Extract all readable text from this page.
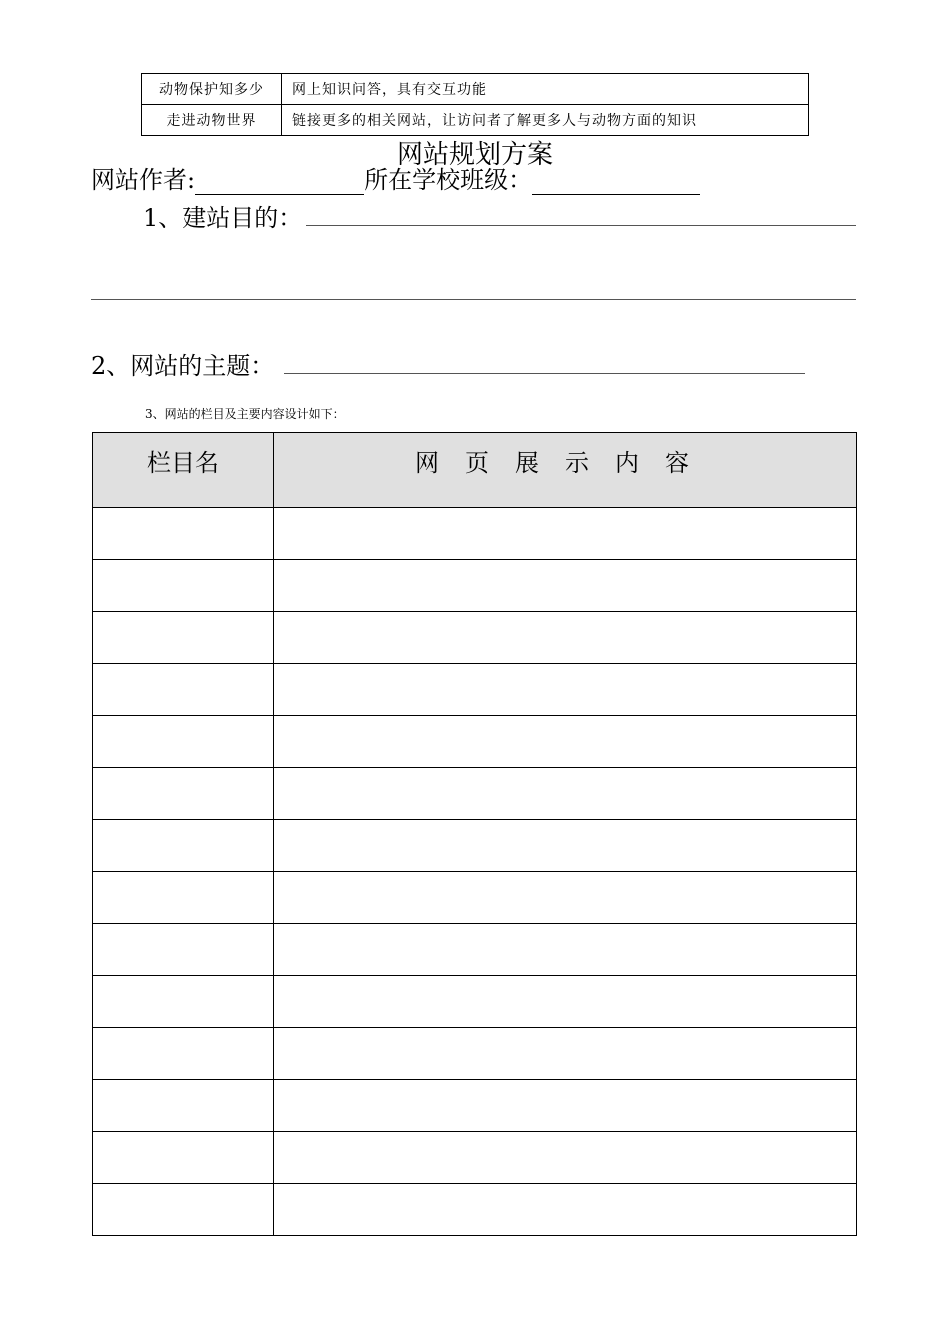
动物保护知多少	网上知识问答，具有交互功能
走进动物世界	链接更多的相关网站，让访问者了解更多人与动物方面的知识
网站规划方案
网站作者:	所在学校班级：
1、建站目的：
2、网站的主题：
3、网站的栏目及主要内容设计如下：
栏目名	网页展示内容
